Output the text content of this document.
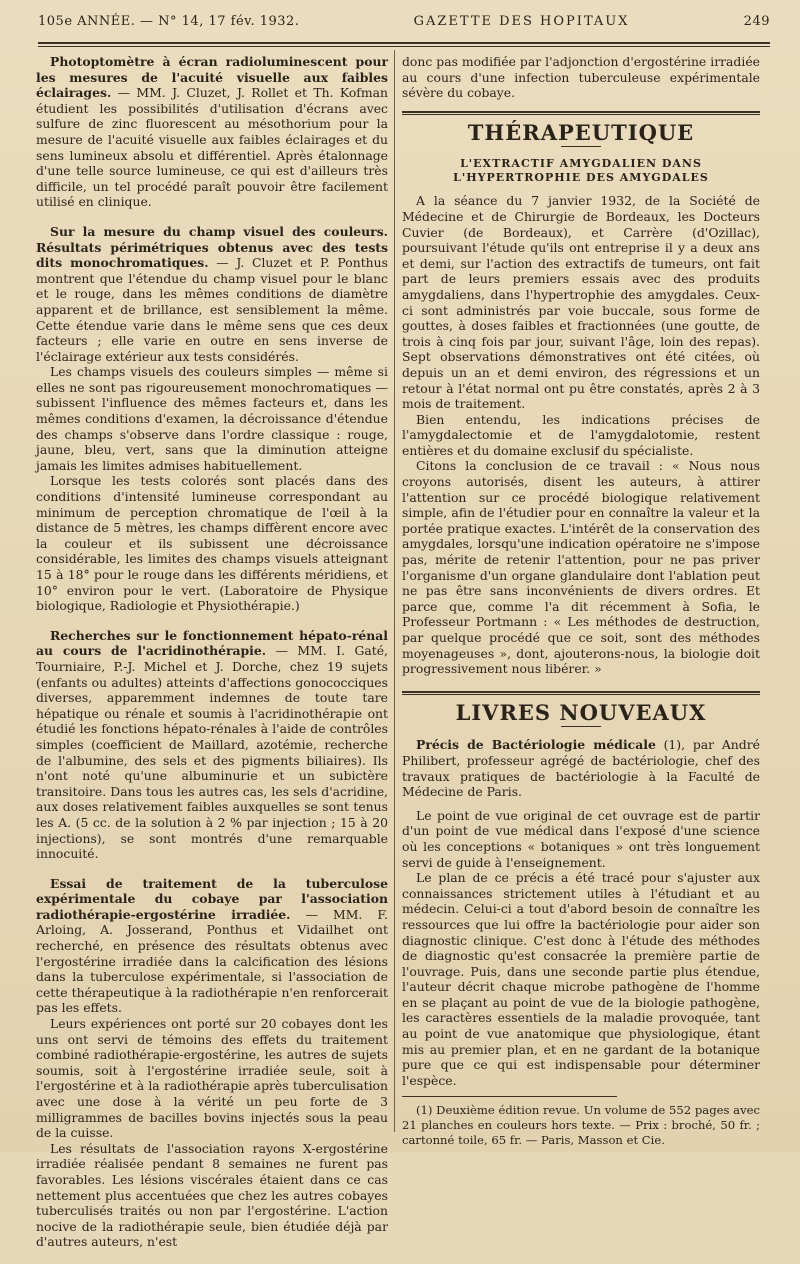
105e ANNÉE. — N° 14, 17 fév. 1932.	GAZETTE DES HOPITAUX	249

Photoptomètre à écran radioluminescent pour les mesures de l'acuité visuelle aux faibles éclairages. — MM. J. Cluzet, J. Rollet et Th. Kofman étudient les possibilités d'utilisation d'écrans avec sulfure de zinc fluorescent au mésothorium pour la mesure de l'acuité visuelle aux faibles éclairages et du sens lumineux absolu et différentiel. Après étalonnage d'une telle source lumineuse, ce qui est d'ailleurs très difficile, un tel procédé paraît pouvoir être facilement utilisé en clinique.

Sur la mesure du champ visuel des couleurs. Résultats périmétriques obtenus avec des tests dits monochromatiques. — J. Cluzet et P. Ponthus montrent que l'étendue du champ visuel pour le blanc et le rouge, dans les mêmes conditions de diamètre apparent et de brillance, est sensiblement la même. Cette étendue varie dans le même sens que ces deux facteurs ; elle varie en outre en sens inverse de l'éclairage extérieur aux tests considérés.

Les champs visuels des couleurs simples — même si elles ne sont pas rigoureusement monochromatiques — subissent l'influence des mêmes facteurs et, dans les mêmes conditions d'examen, la décroissance d'étendue des champs s'observe dans l'ordre classique : rouge, jaune, bleu, vert, sans que la diminution atteigne jamais les limites admises habituellement.

Lorsque les tests colorés sont placés dans des conditions d'intensité lumineuse correspondant au minimum de perception chromatique de l'œil à la distance de 5 mètres, les champs diffèrent encore avec la couleur et ils subissent une décroissance considérable, les limites des champs visuels atteignant 15 à 18° pour le rouge dans les différents méridiens, et 10° environ pour le vert. (Laboratoire de Physique biologique, Radiologie et Physiothérapie.)

Recherches sur le fonctionnement hépato-rénal au cours de l'acridinothérapie. — MM. I. Gaté, Tourniaire, P.-J. Michel et J. Dorche, chez 19 sujets (enfants ou adultes) atteints d'affections gonococciques diverses, apparemment indemnes de toute tare hépatique ou rénale et soumis à l'acridinothérapie ont étudié les fonctions hépato-rénales à l'aide de contrôles simples (coefficient de Maillard, azotémie, recherche de l'albumine, des sels et des pigments biliaires). Ils n'ont noté qu'une albuminurie et un subictère transitoire. Dans tous les autres cas, les sels d'acridine, aux doses relativement faibles auxquelles se sont tenus les A. (5 cc. de la solution à 2 % par injection ; 15 à 20 injections), se sont montrés d'une remarquable innocuité.

Essai de traitement de la tuberculose expérimentale du cobaye par l'association radiothérapie-ergostérine irradiée. — MM. F. Arloing, A. Josserand, Ponthus et Vidailhet ont recherché, en présence des résultats obtenus avec l'ergostérine irradiée dans la calcification des lésions dans la tuberculose expérimentale, si l'association de cette thérapeutique à la radiothérapie n'en renforcerait pas les effets.

Leurs expériences ont porté sur 20 cobayes dont les uns ont servi de témoins des effets du traitement combiné radiothérapie-ergostérine, les autres de sujets soumis, soit à l'ergostérine irradiée seule, soit à l'ergostérine et à la radiothérapie après tuberculisation avec une dose à la vérité un peu forte de 3 milligrammes de bacilles bovins injectés sous la peau de la cuisse.

Les résultats de l'association rayons X-ergostérine irradiée réalisée pendant 8 semaines ne furent pas favorables. Les lésions viscérales étaient dans ce cas nettement plus accentuées que chez les autres cobayes tuberculisés traités ou non par l'ergostérine. L'action nocive de la radiothérapie seule, bien étudiée déjà par d'autres auteurs, n'est

donc pas modifiée par l'adjonction d'ergostérine irradiée au cours d'une infection tuberculeuse expérimentale sévère du cobaye.

THÉRAPEUTIQUE
L'EXTRACTIF AMYGDALIEN DANS L'HYPERTROPHIE DES AMYGDALES

A la séance du 7 janvier 1932, de la Société de Médecine et de Chirurgie de Bordeaux, les Docteurs Cuvier (de Bordeaux), et Carrère (d'Ozillac), poursuivant l'étude qu'ils ont entreprise il y a deux ans et demi, sur l'action des extractifs de tumeurs, ont fait part de leurs premiers essais avec des produits amygdaliens, dans l'hypertrophie des amygdales. Ceux-ci sont administrés par voie buccale, sous forme de gouttes, à doses faibles et fractionnées (une goutte, de trois à cinq fois par jour, suivant l'âge, loin des repas). Sept observations démonstratives ont été citées, où depuis un an et demi environ, des régressions et un retour à l'état normal ont pu être constatés, après 2 à 3 mois de traitement.

Bien entendu, les indications précises de l'amygdalectomie et de l'amygdalotomie, restent entières et du domaine exclusif du spécialiste.

Citons la conclusion de ce travail : « Nous nous croyons autorisés, disent les auteurs, à attirer l'attention sur ce procédé biologique relativement simple, afin de l'étudier pour en connaître la valeur et la portée pratique exactes. L'intérêt de la conservation des amygdales, lorsqu'une indication opératoire ne s'impose pas, mérite de retenir l'attention, pour ne pas priver l'organisme d'un organe glandulaire dont l'ablation peut ne pas être sans inconvénients de divers ordres. Et parce que, comme l'a dit récemment à Sofia, le Professeur Portmann : « Les méthodes de destruction, par quelque procédé que ce soit, sont des méthodes moyenageuses », dont, ajouterons-nous, la biologie doit progressivement nous libérer. »

LIVRES NOUVEAUX

Précis de Bactériologie médicale (1), par André Philibert, professeur agrégé de bactériologie, chef des travaux pratiques de bactériologie à la Faculté de Médecine de Paris.

Le point de vue original de cet ouvrage est de partir d'un point de vue médical dans l'exposé d'une science où les conceptions « botaniques » ont très longuement servi de guide à l'enseignement.

Le plan de ce précis a été tracé pour s'ajuster aux connaissances strictement utiles à l'étudiant et au médecin. Celui-ci a tout d'abord besoin de connaître les ressources que lui offre la bactériologie pour aider son diagnostic clinique. C'est donc à l'étude des méthodes de diagnostic qu'est consacrée la première partie de l'ouvrage. Puis, dans une seconde partie plus étendue, l'auteur décrit chaque microbe pathogène de l'homme en se plaçant au point de vue de la biologie pathogène, les caractères essentiels de la maladie provoquée, tant au point de vue anatomique que physiologique, étant mis au premier plan, et en ne gardant de la botanique pure que ce qui est indispensable pour déterminer l'espèce.

(1) Deuxième édition revue. Un volume de 552 pages avec 21 planches en couleurs hors texte. — Prix : broché, 50 fr. ; cartonné toile, 65 fr. — Paris, Masson et Cie.
